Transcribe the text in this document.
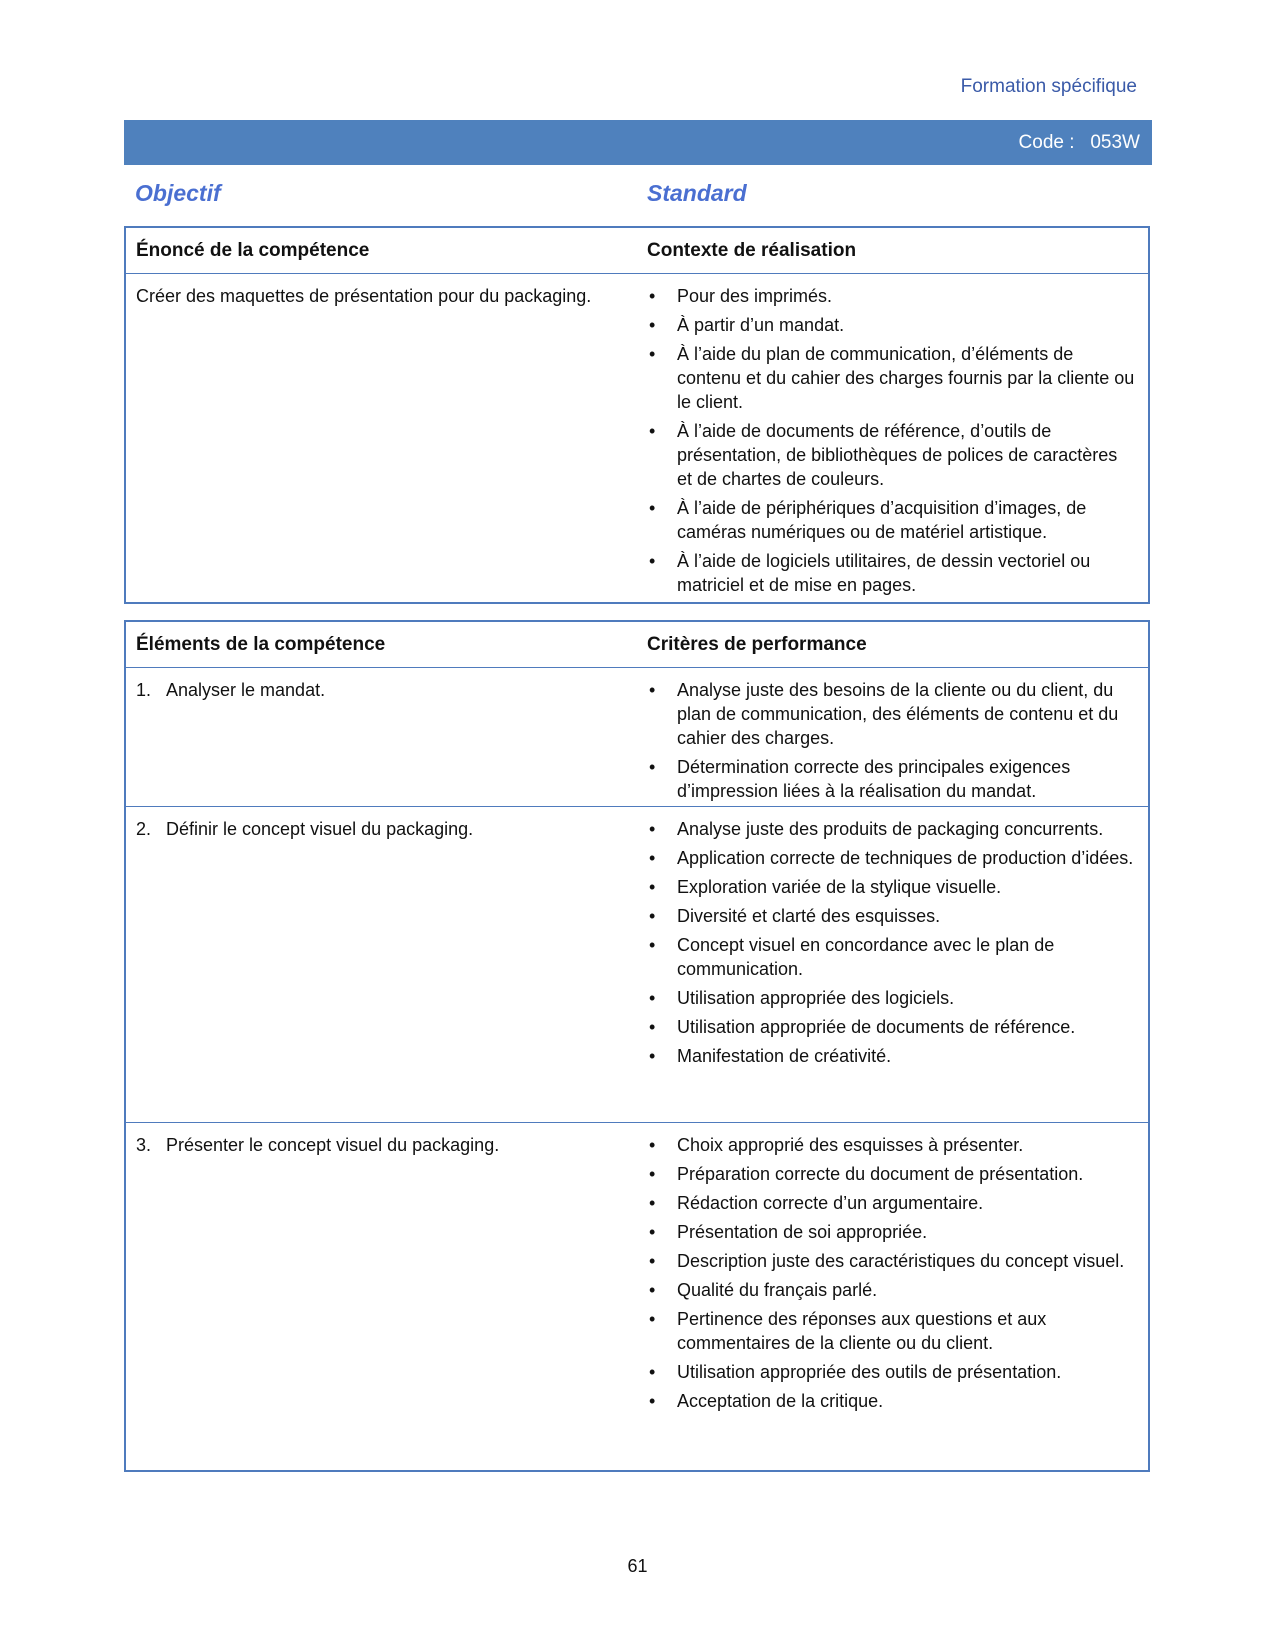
Formation spécifique
Code : 053W
Objectif	Standard
Énoncé de la compétence	Contexte de réalisation
Créer des maquettes de présentation pour du packaging.	• Pour des imprimés.
• À partir d’un mandat.
• À l’aide du plan de communication, d’éléments de contenu et du cahier des charges fournis par la cliente ou le client.
• À l’aide de documents de référence, d’outils de présentation, de bibliothèques de polices de caractères et de chartes de couleurs.
• À l’aide de périphériques d’acquisition d’images, de caméras numériques ou de matériel artistique.
• À l’aide de logiciels utilitaires, de dessin vectoriel ou matriciel et de mise en pages.
Éléments de la compétence	Critères de performance
1. Analyser le mandat.	• Analyse juste des besoins de la cliente ou du client, du plan de communication, des éléments de contenu et du cahier des charges.
• Détermination correcte des principales exigences d’impression liées à la réalisation du mandat.
2. Définir le concept visuel du packaging.	• Analyse juste des produits de packaging concurrents.
• Application correcte de techniques de production d’idées.
• Exploration variée de la stylique visuelle.
• Diversité et clarté des esquisses.
• Concept visuel en concordance avec le plan de communication.
• Utilisation appropriée des logiciels.
• Utilisation appropriée de documents de référence.
• Manifestation de créativité.
3. Présenter le concept visuel du packaging.	• Choix approprié des esquisses à présenter.
• Préparation correcte du document de présentation.
• Rédaction correcte d’un argumentaire.
• Présentation de soi appropriée.
• Description juste des caractéristiques du concept visuel.
• Qualité du français parlé.
• Pertinence des réponses aux questions et aux commentaires de la cliente ou du client.
• Utilisation appropriée des outils de présentation.
• Acceptation de la critique.
61
